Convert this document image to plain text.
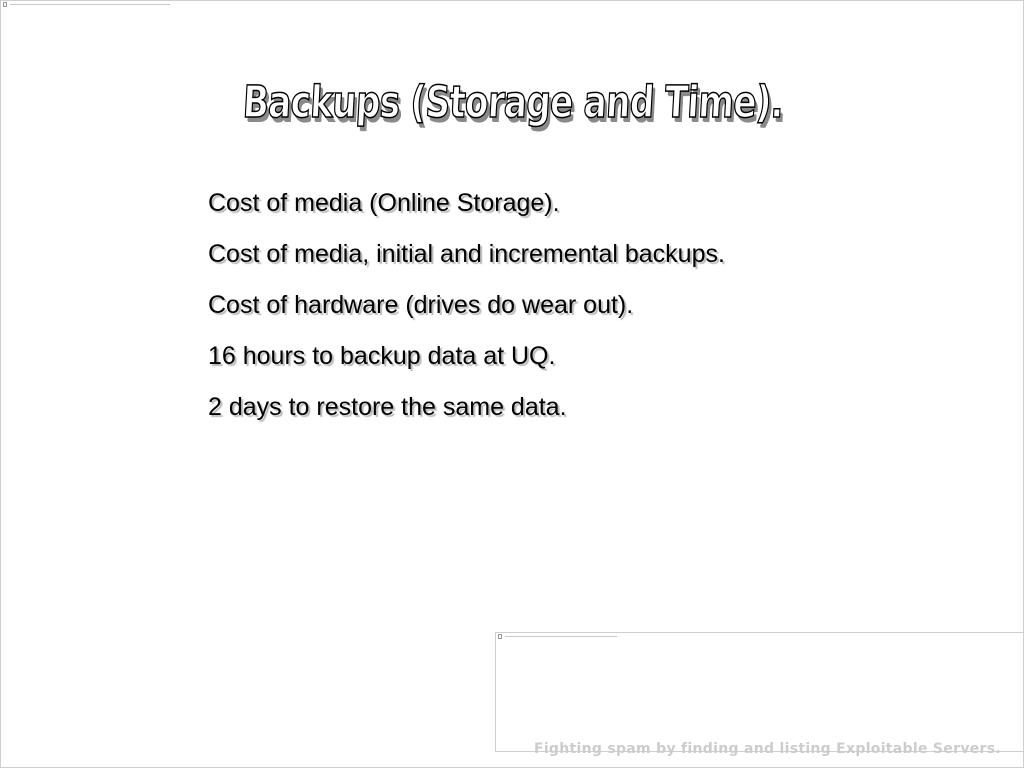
Backups (Storage and Time).
Cost of media (Online Storage).
Cost of media, initial and incremental backups.
Cost of hardware (drives do wear out).
16 hours to backup data at UQ.
2 days to restore the same data.
Fighting spam by finding and listing Exploitable Servers.
